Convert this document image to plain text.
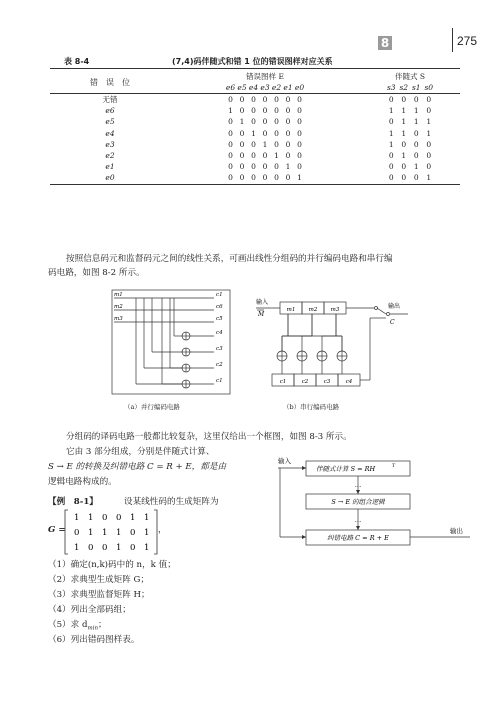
8	275
表 8-4	(7,4)码伴随式和错 1 位的错误图样对应关系
错　误　位	错误图样 E	伴随式 S
	e6 e5 e4 e3 e2 e1 e0	s3 s2 s1 s0
无错	0 0 0 0 0 0 0	0 0 0 0
e6	1 0 0 0 0 0 0	1 1 1 0
e5	0 1 0 0 0 0 0	0 1 1 1
e4	0 0 1 0 0 0 0	1 1 0 1
e3	0 0 0 1 0 0 0	1 0 0 0
e2	0 0 0 0 1 0 0	0 1 0 0
e1	0 0 0 0 0 1 0	0 0 1 0
e0	0 0 0 0 0 0 1	0 0 0 1
按照信息码元和监督码元之间的线性关系，可画出线性分组码的并行编码电路和串行编
码电路，如图 8-2 所示。
m1
m2
m3
c1
c6
c5
c4
c3
c2
c1
（a）并行编码电路
输入
M
m1 m2 m3	输出
C
c1	c2	c3	c4
（b）串行编码电路
分组码的译码电路一般都比较复杂，这里仅给出一个框图，如图 8-3 所示。
它由 3 部分组成，分别是伴随式计算、
S → E 的转换及纠错电路 C = R + E，都是由
逻辑电路构成的。
输入
伴随式计算 S = RH	T
…
S → E 的组合逻辑
…
纠错电路 C = R + E
输出
【例　8-1】	设某线性码的生成矩阵为
G =
1 1 0 0 1 1
0 1 1 1 0 1
1 0 0 1 0 1
，
（1）确定(n,k)码中的 n，k 值；
（2）求典型生成矩阵 G；
（3）求典型监督矩阵 H；
（4）列出全部码组；
（5）求 $d_{min}$；
（6）列出错码图样表。
